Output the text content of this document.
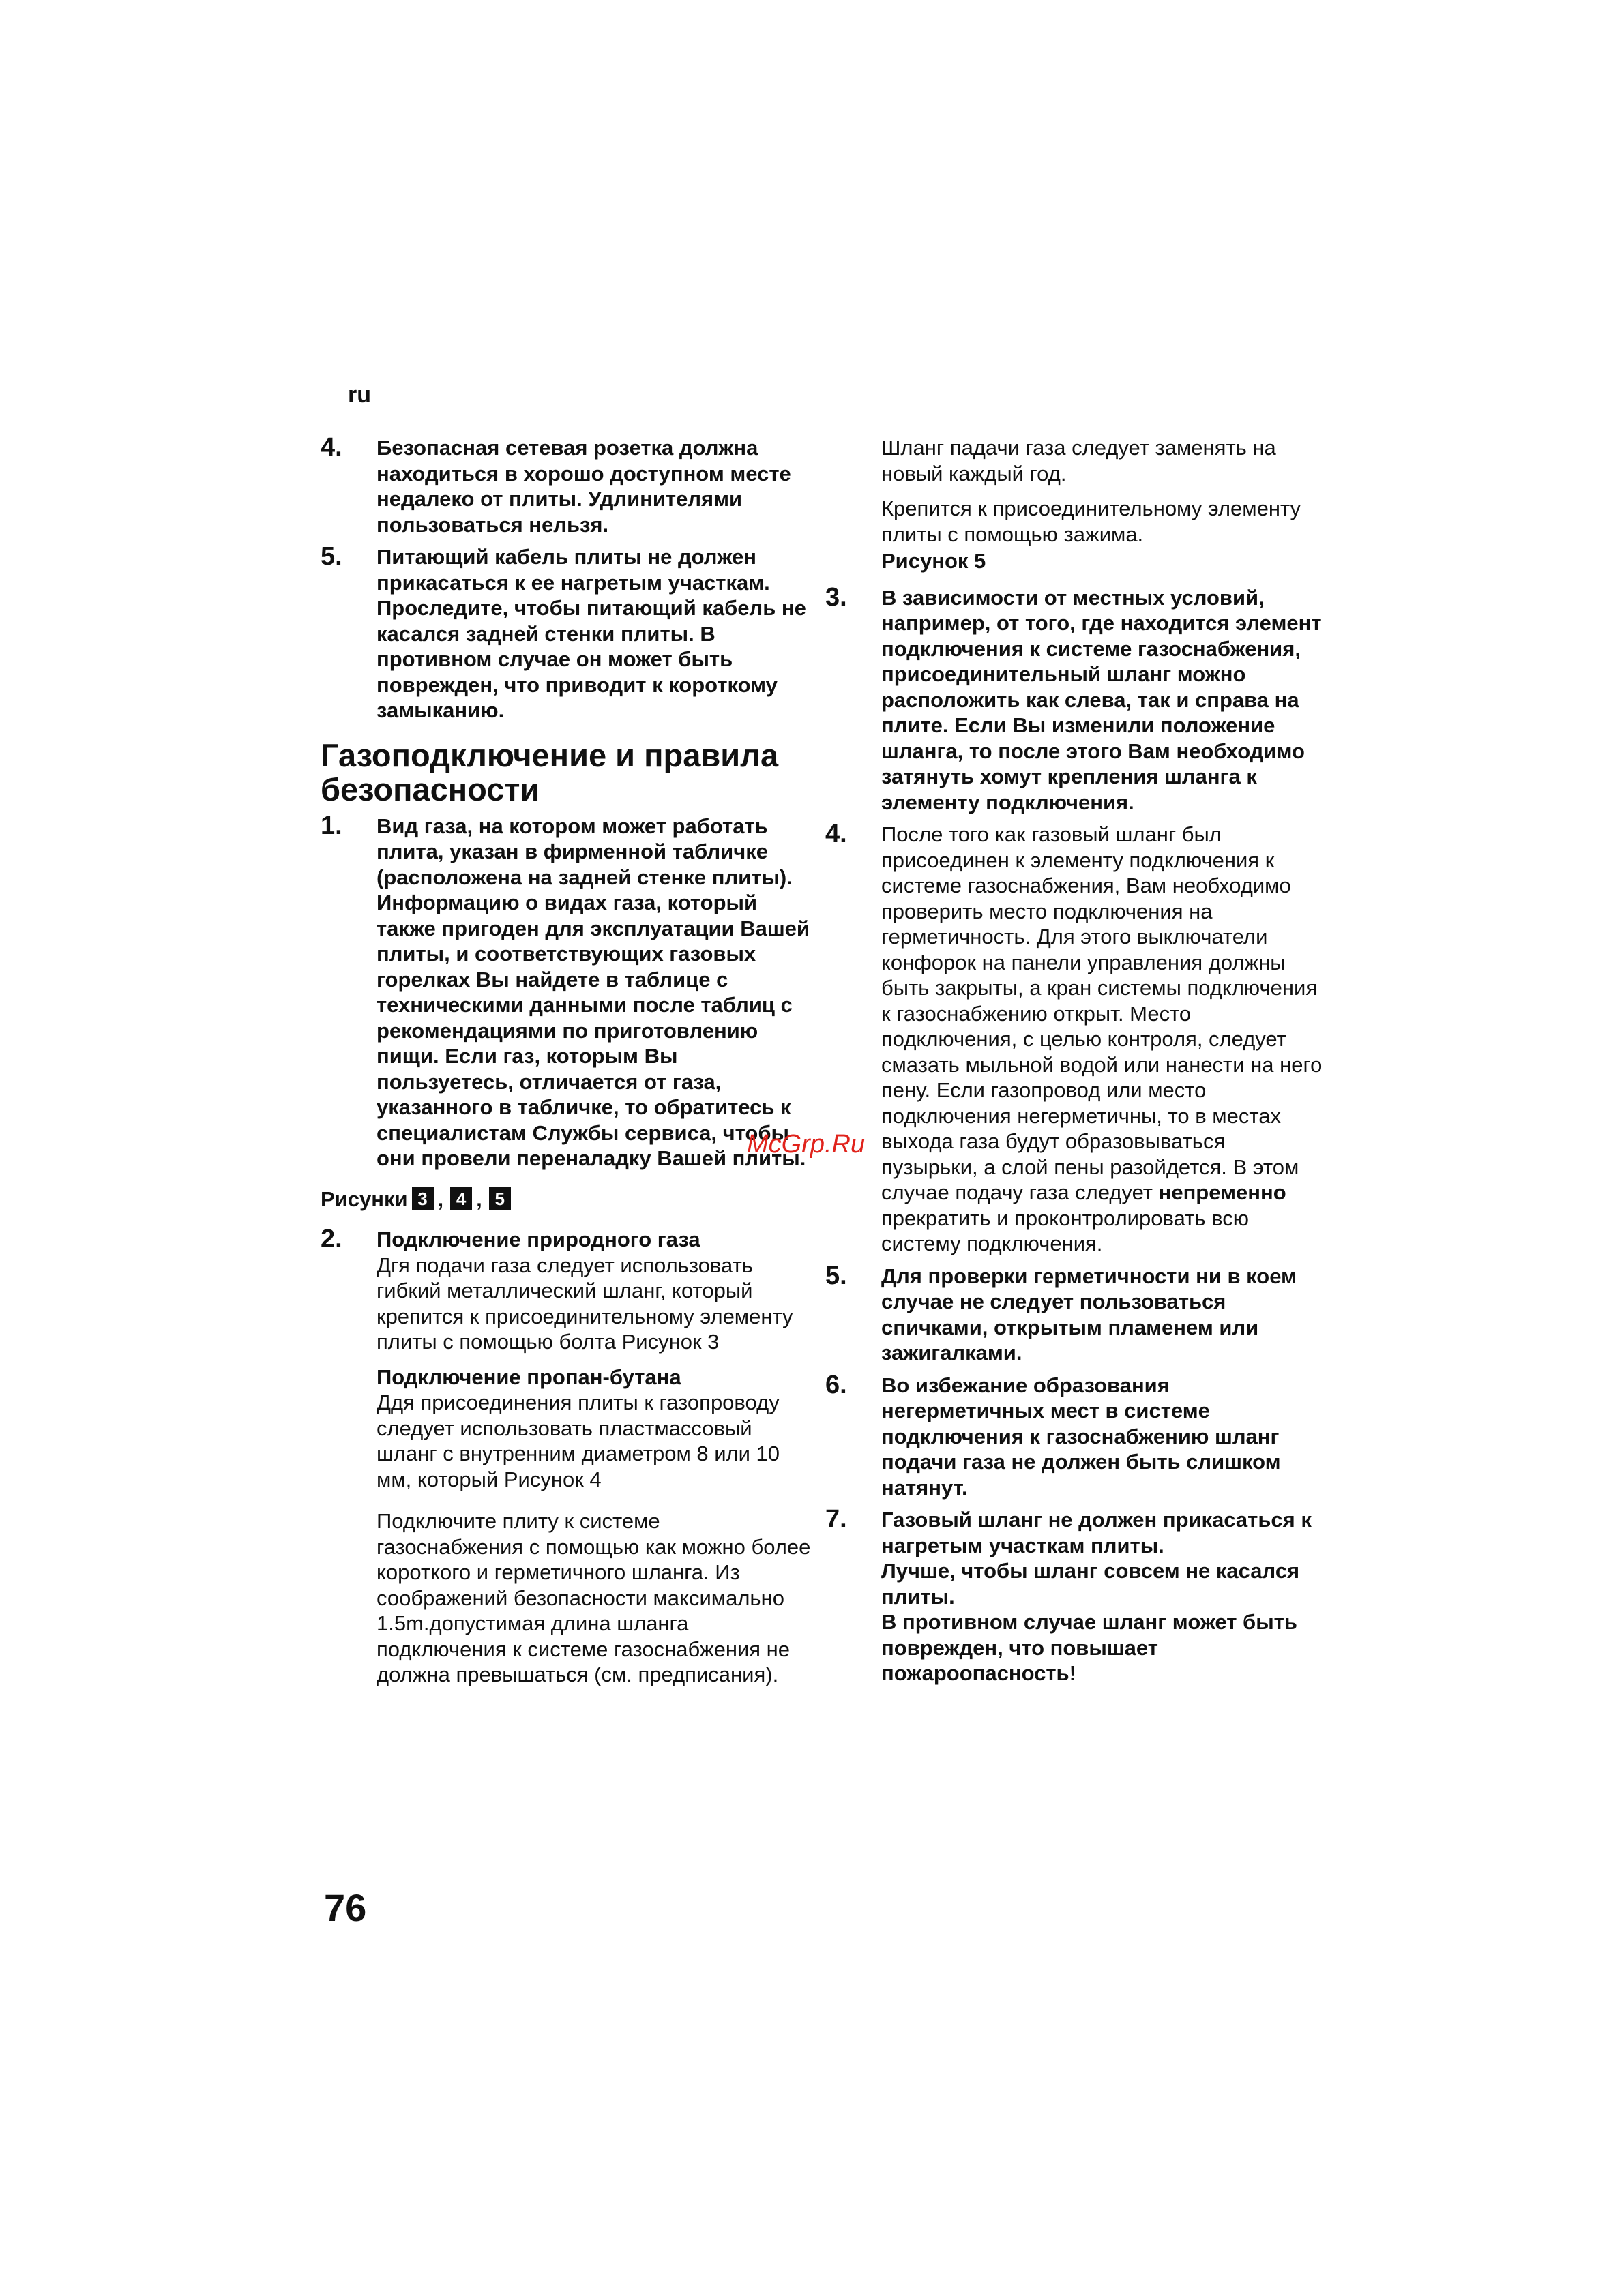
ru
4.	Безопасная сетевая розетка должна находиться в хорошо доступном месте недалеко от плиты. Удлинителями пользоваться нельзя.
5.	Питающий кабель плиты не должен прикасаться к ее нагретым участкам. Проследите, чтобы питающий кабель не касался задней стенки плиты. В противном случае он может быть поврежден, что приводит к короткому замыканию.
Газоподключение и правила безопасности
1.	Вид газа, на котором может работать плита, указан в фирменной табличке (расположена на задней стенке плиты). Информацию о видах газа, который также пригоден для эксплуатации Вашей плиты, и соответствующих газовых горелках Вы найдете в таблице с техническими данными после таблиц с рекомендациями по приготовлению пищи. Если газ, которым Вы пользуетесь, отличается от газа, указанного в табличке, то обратитесь к специалистам Службы сервиса, чтобы они провели переналадку Вашей плиты.
Рисунки 3 , 4 , 5
2.	Подключение природного газа
Дгя подачи газа следует использовать гибкий металлический шланг, который крепится к присоединительному элементу плиты с помощью болта Рисунок 3
Подключение пропан-бутана
Ддя присоединения плиты к газопроводу следует использовать пластмассовый шланг с внутренним диаметром 8 или 10 мм, который Рисунок 4
Подключите плиту к системе газоснабжения с помощью как можно более короткого и герметичного шланга. Из соображений безопасности максимально 1.5m.допустимая длина шланга подключения к системе газоснабжения не должна превышаться (см. предписания).
Шланг падачи газа следует заменять на новый каждый год.
Крепится к присоединительному элементу плиты с помощью зажима.
Рисунок 5
3.	В зависимости от местных условий, например, от того, где находится элемент подключения к системе газоснабжения, присоединительный шланг можно расположить как слева, так и справа на плите. Если Вы изменили положение шланга, то после этого Вам необходимо затянуть хомут крепления шланга к элементу подключения.
4.	После того как газовый шланг был присоединен к элементу подключения к системе газоснабжения, Вам необходимо проверить место подключения на герметичность. Для этого выключатели конфорок на панели управления должны быть закрыты, а кран системы подключения к газоснабжению открыт. Место подключения, с целью контроля, следует смазать мыльной водой или нанести на него пену. Если газопровод или место подключения негерметичны, то в местах выхода газа будут образовываться пузырьки, а слой пены разойдется. В этом случае подачу газа следует непременно прекратить и проконтролировать всю систему подключения.
5.	Для проверки герметичности ни в коем случае не следует пользоваться спичками, открытым пламенем или зажигалками.
6.	Во избежание образования негерметичных мест в системе подключения к газоснабжению шланг подачи газа не должен быть слишком натянут.
7.	Газовый шланг не должен прикасаться к нагретым участкам плиты.
Лучше, чтобы шланг совсем не касался плиты.
В противном случае шланг может быть поврежден, что повышает пожароопасность!
McGrp.Ru
76
